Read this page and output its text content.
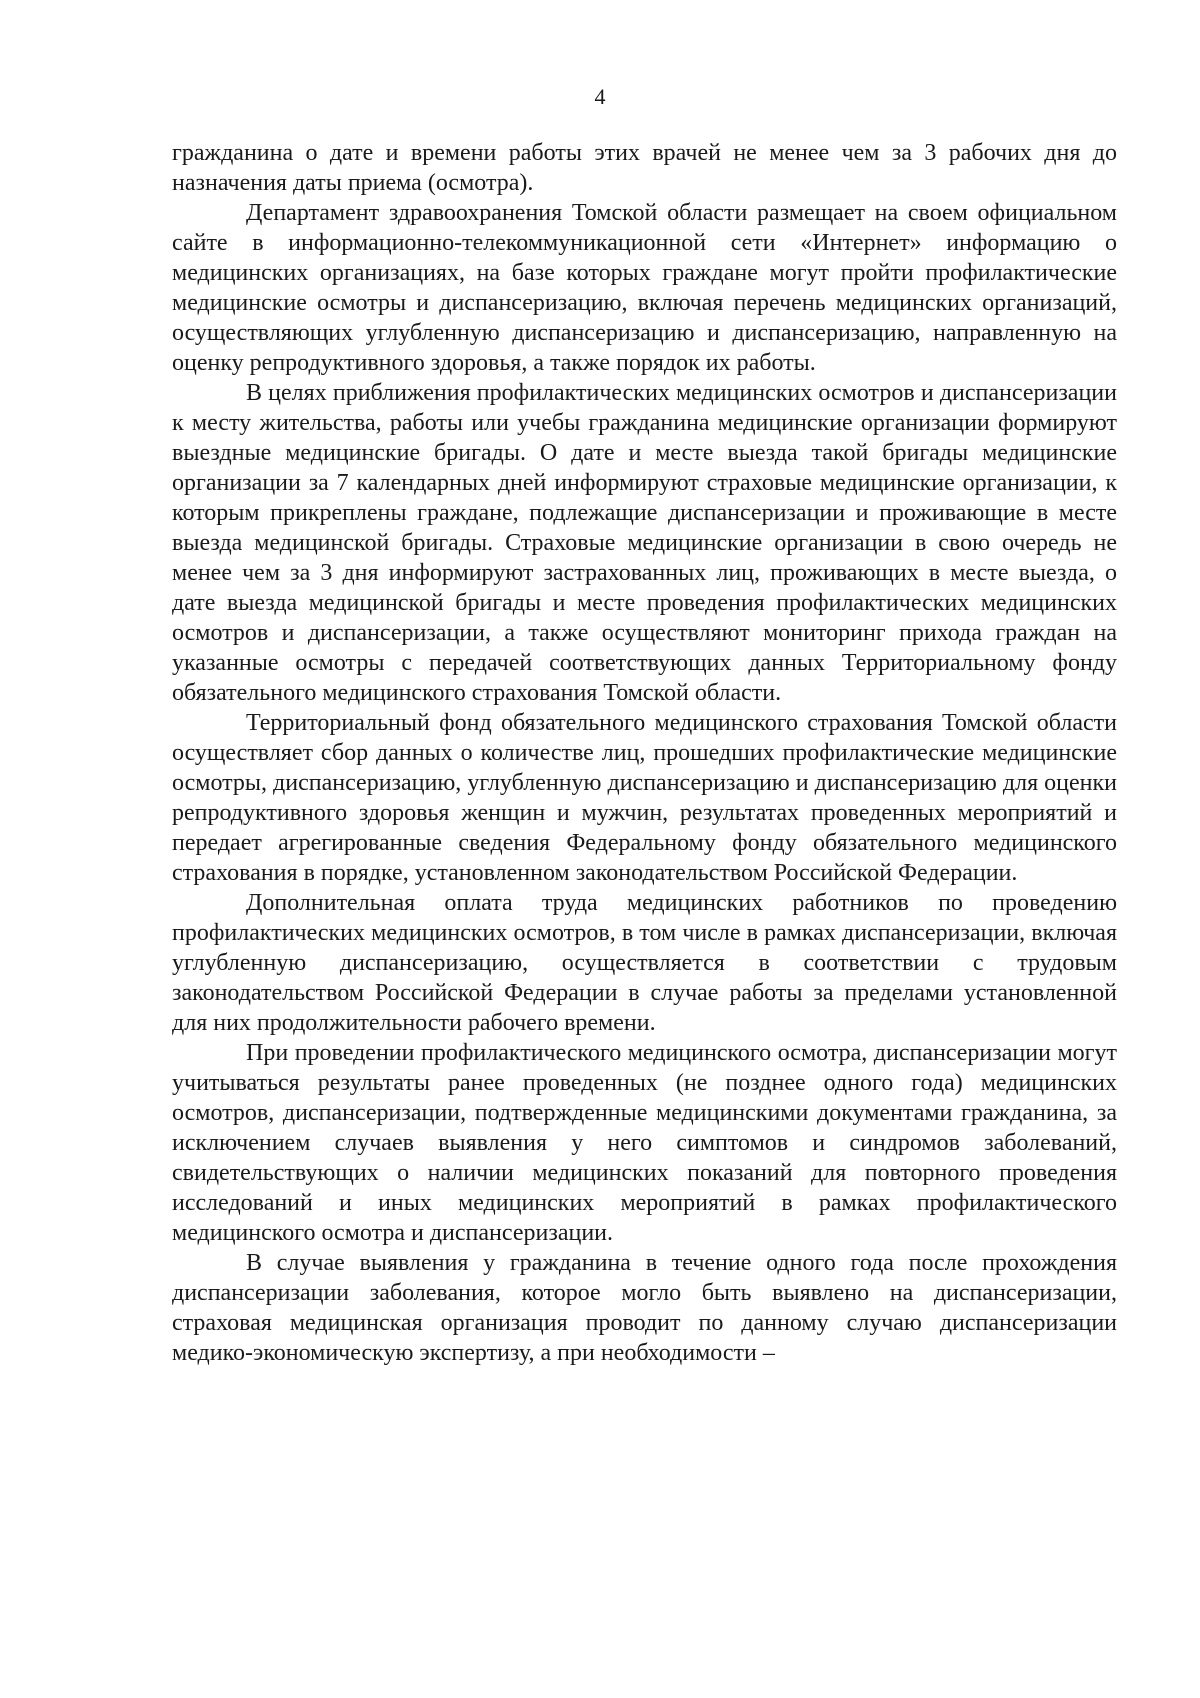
4

гражданина о дате и времени работы этих врачей не менее чем за 3 рабочих дня до назначения даты приема (осмотра).

Департамент здравоохранения Томской области размещает на своем официальном сайте в информационно-телекоммуникационной сети «Интернет» информацию о медицинских организациях, на базе которых граждане могут пройти профилактические медицинские осмотры и диспансеризацию, включая перечень медицинских организаций, осуществляющих углубленную диспансеризацию и диспансеризацию, направленную на оценку репродуктивного здоровья, а также порядок их работы.

В целях приближения профилактических медицинских осмотров и диспансеризации к месту жительства, работы или учебы гражданина медицинские организации формируют выездные медицинские бригады. О дате и месте выезда такой бригады медицинские организации за 7 календарных дней информируют страховые медицинские организации, к которым прикреплены граждане, подлежащие диспансеризации и проживающие в месте выезда медицинской бригады. Страховые медицинские организации в свою очередь не менее чем за 3 дня информируют застрахованных лиц, проживающих в месте выезда, о дате выезда медицинской бригады и месте проведения профилактических медицинских осмотров и диспансеризации, а также осуществляют мониторинг прихода граждан на указанные осмотры с передачей соответствующих данных Территориальному фонду обязательного медицинского страхования Томской области.

Территориальный фонд обязательного медицинского страхования Томской области осуществляет сбор данных о количестве лиц, прошедших профилактические медицинские осмотры, диспансеризацию, углубленную диспансеризацию и диспансеризацию для оценки репродуктивного здоровья женщин и мужчин, результатах проведенных мероприятий и передает агрегированные сведения Федеральному фонду обязательного медицинского страхования в порядке, установленном законодательством Российской Федерации.

Дополнительная оплата труда медицинских работников по проведению профилактических медицинских осмотров, в том числе в рамках диспансеризации, включая углубленную диспансеризацию, осуществляется в соответствии с трудовым законодательством Российской Федерации в случае работы за пределами установленной для них продолжительности рабочего времени.

При проведении профилактического медицинского осмотра, диспансеризации могут учитываться результаты ранее проведенных (не позднее одного года) медицинских осмотров, диспансеризации, подтвержденные медицинскими документами гражданина, за исключением случаев выявления у него симптомов и синдромов заболеваний, свидетельствующих о наличии медицинских показаний для повторного проведения исследований и иных медицинских мероприятий в рамках профилактического медицинского осмотра и диспансеризации.

В случае выявления у гражданина в течение одного года после прохождения диспансеризации заболевания, которое могло быть выявлено на диспансеризации, страховая медицинская организация проводит по данному случаю диспансеризации медико-экономическую экспертизу, а при необходимости –
